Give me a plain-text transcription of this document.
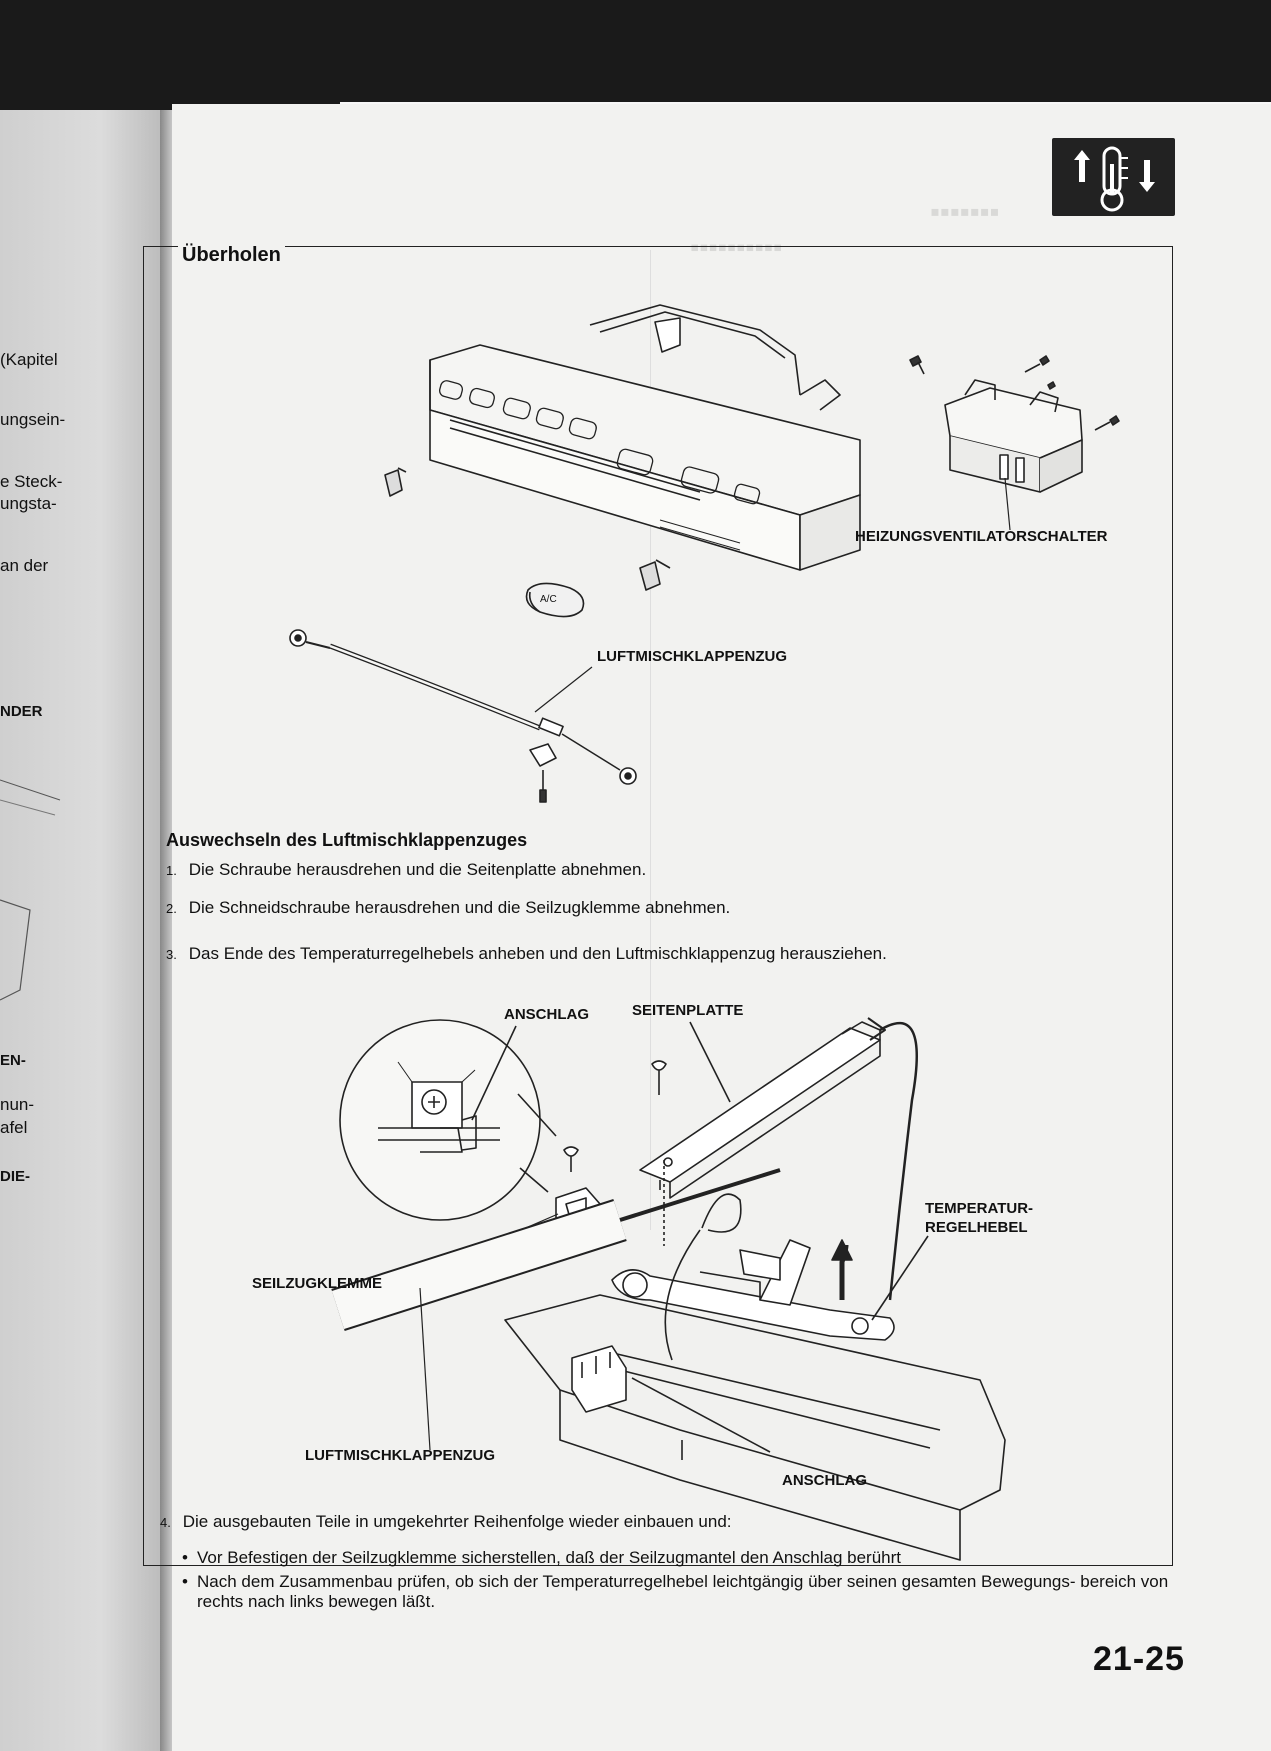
(Kapitel
ungsein-
e Steck-
ungsta-
an der
NDER
EN-
nun-
afel
DIE-
▪▪▪▪▪▪▪
▪▪▪▪▪▪▪▪▪▪
Überholen
HEIZUNGSVENTILATORSCHALTER
LUFTMISCHKLAPPENZUG
A/C
Auswechseln des Luftmischklappenzuges
1. Die Schraube herausdrehen und die Seitenplatte abnehmen.
2. Die Schneidschraube herausdrehen und die Seilzugklemme abnehmen.
3. Das Ende des Temperaturregelhebels anheben und den Luftmischklappenzug herausziehen.
ANSCHLAG	SEITENPLATTE
TEMPERATUR-
REGELHEBEL
SEILZUGKLEMME
LUFTMISCHKLAPPENZUG
ANSCHLAG
4. Die ausgebauten Teile in umgekehrter Reihenfolge wieder einbauen und:
• Vor Befestigen der Seilzugklemme sicherstellen, daß der Seilzugmantel den Anschlag berührt
• Nach dem Zusammenbau prüfen, ob sich der Temperaturregelhebel leichtgängig über seinen gesamten Bewegungs- bereich von rechts nach links bewegen läßt.
21-25
